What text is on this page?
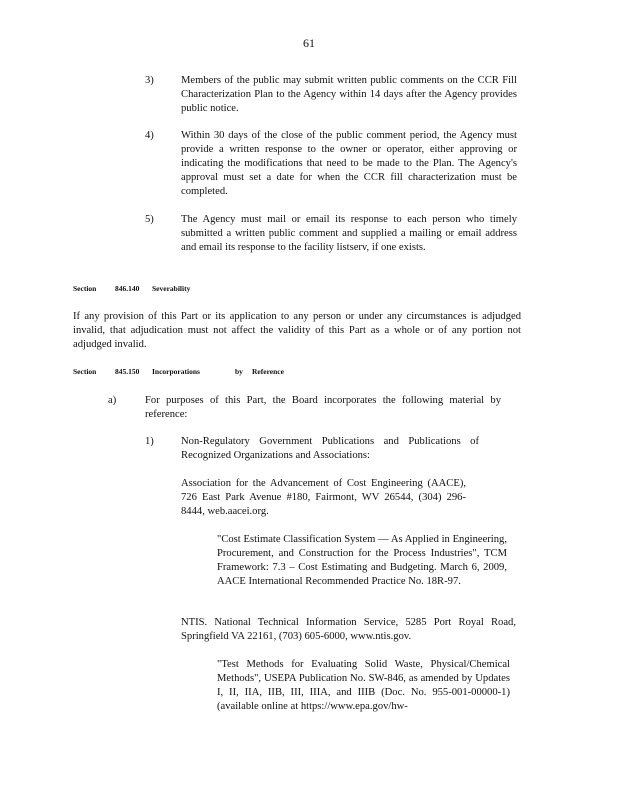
61
3)	Members of the public may submit written public comments on the CCR Fill Characterization Plan to the Agency within 14 days after the Agency provides public notice.

4)	Within 30 days of the close of the public comment period, the Agency must provide a written response to the owner or operator, either approving or indicating the modifications that need to be made to the Plan. The Agency's approval must set a date for when the CCR fill characterization must be completed.

5)	The Agency must mail or email its response to each person who timely submitted a written public comment and supplied a mailing or email address and email its response to the facility listserv, if one exists.

Section 846.140 Severability

If any provision of this Part or its application to any person or under any circumstances is adjudged invalid, that adjudication must not affect the validity of this Part as a whole or of any portion not adjudged invalid.

Section 845.150 Incorporations	by Reference
a)	For purposes of this Part, the Board incorporates the following material by reference:

1)	Non-Regulatory Government Publications and Publications of Recognized Organizations and Associations:

Association for the Advancement of Cost Engineering (AACE), 726 East Park Avenue #180, Fairmont, WV 26544, (304) 296-8444, web.aacei.org.

"Cost Estimate Classification System — As Applied in Engineering, Procurement, and Construction for the Process Industries", TCM Framework: 7.3 – Cost Estimating and Budgeting. March 6, 2009, AACE International Recommended Practice No. 18R-97.

NTIS. National Technical Information Service, 5285 Port Royal Road, Springfield VA 22161, (703) 605-6000, www.ntis.gov.

"Test Methods for Evaluating Solid Waste, Physical/Chemical Methods", USEPA Publication No. SW-846, as amended by Updates I, II, IIA, IIB, III, IIIA, and IIIB (Doc. No. 955-001-00000-1) (available online at https://www.epa.gov/hw-
